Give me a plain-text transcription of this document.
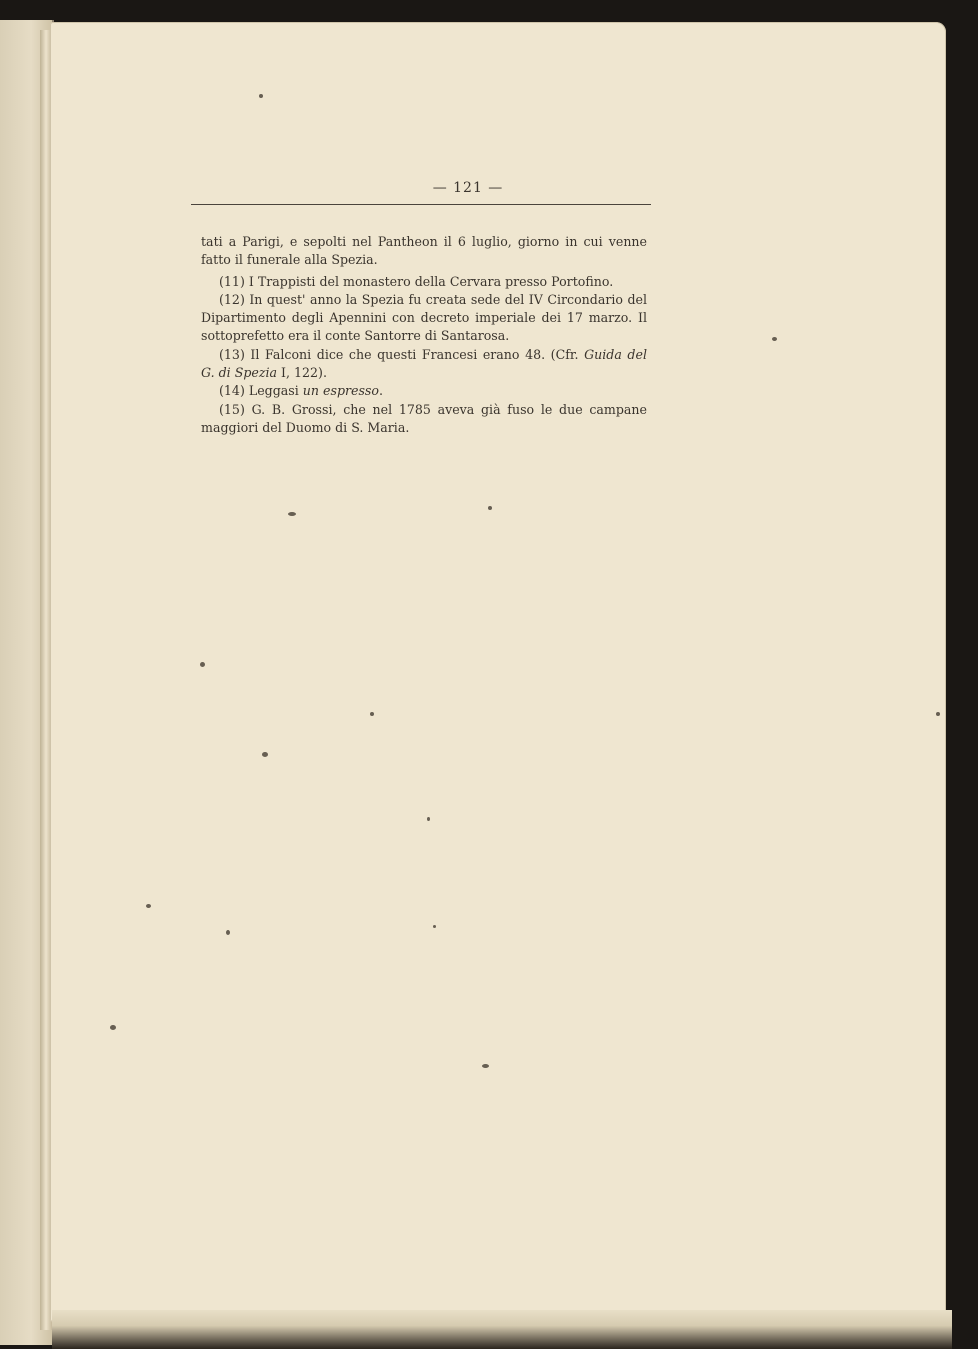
— 121 —

tati a Parigi, e sepolti nel Pantheon il 6 luglio, giorno in cui venne fatto il funerale alla Spezia.

(11) I Trappisti del monastero della Cervara presso Portofino.

(12) In quest' anno la Spezia fu creata sede del IV Circondario del Dipartimento degli Apennini con decreto imperiale dei 17 marzo. Il sottoprefetto era il conte Santorre di Santarosa.

(13) Il Falconi dice che questi Francesi erano 48. (Cfr. Guida del G. di Spezia I, 122).

(14) Leggasi un espresso.

(15) G. B. Grossi, che nel 1785 aveva già fuso le due campane maggiori del Duomo di S. Maria.
